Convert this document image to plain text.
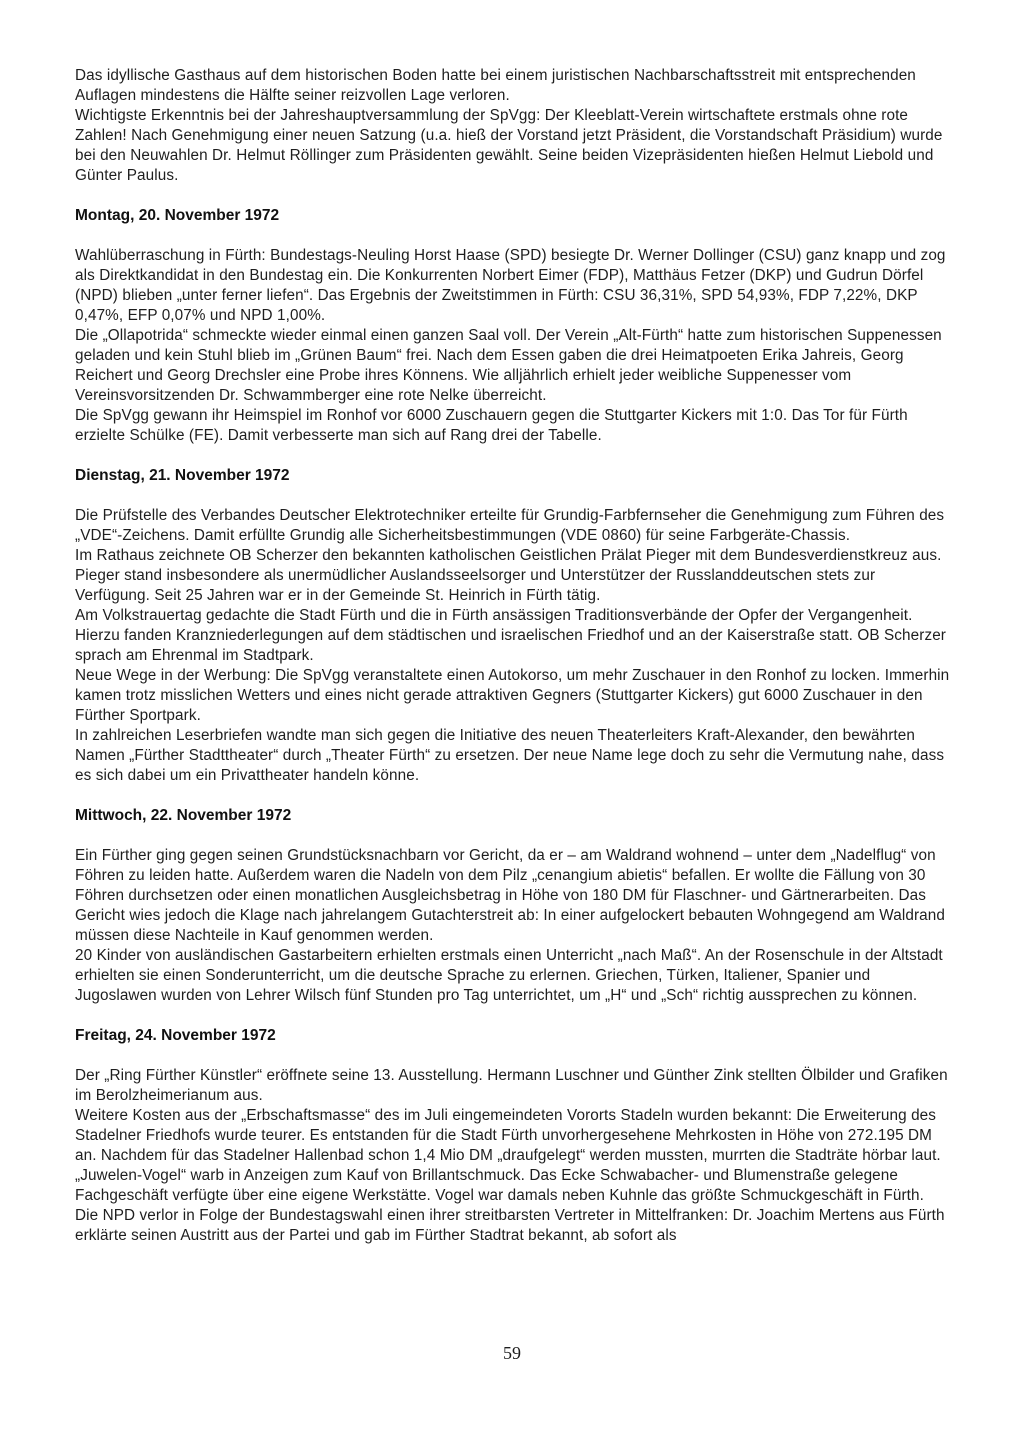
Das idyllische Gasthaus auf dem historischen Boden hatte bei einem juristischen Nachbarschaftsstreit mit entsprechenden Auflagen mindestens die Hälfte seiner reizvollen Lage verloren.

Wichtigste Erkenntnis bei der Jahreshauptversammlung der SpVgg: Der Kleeblatt-Verein wirtschaftete erstmals ohne rote Zahlen! Nach Genehmigung einer neuen Satzung (u.a. hieß der Vorstand jetzt Präsident, die Vorstandschaft Präsidium) wurde bei den Neuwahlen Dr. Helmut Röllinger zum Präsidenten gewählt. Seine beiden Vizepräsidenten hießen Helmut Liebold und Günter Paulus.

Montag, 20. November 1972

Wahlüberraschung in Fürth: Bundestags-Neuling Horst Haase (SPD) besiegte Dr. Werner Dollinger (CSU) ganz knapp und zog als Direktkandidat in den Bundestag ein. Die Konkurrenten Norbert Eimer (FDP), Matthäus Fetzer (DKP) und Gudrun Dörfel (NPD) blieben „unter ferner liefen“. Das Ergebnis der Zweitstimmen in Fürth: CSU 36,31%, SPD 54,93%, FDP 7,22%, DKP 0,47%, EFP 0,07% und NPD 1,00%.

Die „Ollapotrida“ schmeckte wieder einmal einen ganzen Saal voll. Der Verein „Alt-Fürth“ hatte zum historischen Suppenessen geladen und kein Stuhl blieb im „Grünen Baum“ frei. Nach dem Essen gaben die drei Heimatpoeten Erika Jahreis, Georg Reichert und Georg Drechsler eine Probe ihres Könnens. Wie alljährlich erhielt jeder weibliche Suppenesser vom Vereinsvorsitzenden Dr. Schwammberger eine rote Nelke überreicht.

Die SpVgg gewann ihr Heimspiel im Ronhof vor 6000 Zuschauern gegen die Stuttgarter Kickers mit 1:0. Das Tor für Fürth erzielte Schülke (FE). Damit verbesserte man sich auf Rang drei der Tabelle.

Dienstag, 21. November 1972

Die Prüfstelle des Verbandes Deutscher Elektrotechniker erteilte für Grundig-Farbfernseher die Genehmigung zum Führen des „VDE“-Zeichens. Damit erfüllte Grundig alle Sicherheitsbestimmungen (VDE 0860) für seine Farbgeräte-Chassis.

Im Rathaus zeichnete OB Scherzer den bekannten katholischen Geistlichen Prälat Pieger mit dem Bundesverdienstkreuz aus. Pieger stand insbesondere als unermüdlicher Auslandsseelsorger und Unterstützer der Russlanddeutschen stets zur Verfügung. Seit 25 Jahren war er in der Gemeinde St. Heinrich in Fürth tätig.

Am Volkstrauertag gedachte die Stadt Fürth und die in Fürth ansässigen Traditionsverbände der Opfer der Vergangenheit. Hierzu fanden Kranzniederlegungen auf dem städtischen und israelischen Friedhof und an der Kaiserstraße statt. OB Scherzer sprach am Ehrenmal im Stadtpark.

Neue Wege in der Werbung: Die SpVgg veranstaltete einen Autokorso, um mehr Zuschauer in den Ronhof zu locken. Immerhin kamen trotz misslichen Wetters und eines nicht gerade attraktiven Gegners (Stuttgarter Kickers) gut 6000 Zuschauer in den Fürther Sportpark.

In zahlreichen Leserbriefen wandte man sich gegen die Initiative des neuen Theaterleiters Kraft-Alexander, den bewährten Namen „Fürther Stadttheater“ durch „Theater Fürth“ zu ersetzen. Der neue Name lege doch zu sehr die Vermutung nahe, dass es sich dabei um ein Privattheater handeln könne.

Mittwoch, 22. November 1972

Ein Fürther ging gegen seinen Grundstücksnachbarn vor Gericht, da er – am Waldrand wohnend – unter dem „Nadelflug“ von Föhren zu leiden hatte. Außerdem waren die Nadeln von dem Pilz „cenangium abietis“ befallen. Er wollte die Fällung von 30 Föhren durchsetzen oder einen monatlichen Ausgleichsbetrag in Höhe von 180 DM für Flaschner- und Gärtnerarbeiten. Das Gericht wies jedoch die Klage nach jahrelangem Gutachterstreit ab: In einer aufgelockert bebauten Wohngegend am Waldrand müssen diese Nachteile in Kauf genommen werden.

20 Kinder von ausländischen Gastarbeitern erhielten erstmals einen Unterricht „nach Maß“. An der Rosenschule in der Altstadt erhielten sie einen Sonderunterricht, um die deutsche Sprache zu erlernen. Griechen, Türken, Italiener, Spanier und Jugoslawen wurden von Lehrer Wilsch fünf Stunden pro Tag unterrichtet, um „H“ und „Sch“ richtig aussprechen zu können.

Freitag, 24. November 1972

Der „Ring Fürther Künstler“ eröffnete seine 13. Ausstellung. Hermann Luschner und Günther Zink stellten Ölbilder und Grafiken im Berolzheimerianum aus.

Weitere Kosten aus der „Erbschaftsmasse“ des im Juli eingemeindeten Vororts Stadeln wurden bekannt: Die Erweiterung des Stadelner Friedhofs wurde teurer. Es entstanden für die Stadt Fürth unvorhergesehene Mehrkosten in Höhe von 272.195 DM an. Nachdem für das Stadelner Hallenbad schon 1,4 Mio DM „draufgelegt“ werden mussten, murrten die Stadträte hörbar laut.

„Juwelen-Vogel“ warb in Anzeigen zum Kauf von Brillantschmuck. Das Ecke Schwabacher- und Blumenstraße gelegene Fachgeschäft verfügte über eine eigene Werkstätte. Vogel war damals neben Kuhnle das größte Schmuckgeschäft in Fürth.

Die NPD verlor in Folge der Bundestagswahl einen ihrer streitbarsten Vertreter in Mittelfranken: Dr. Joachim Mertens aus Fürth erklärte seinen Austritt aus der Partei und gab im Fürther Stadtrat bekannt, ab sofort als

59
